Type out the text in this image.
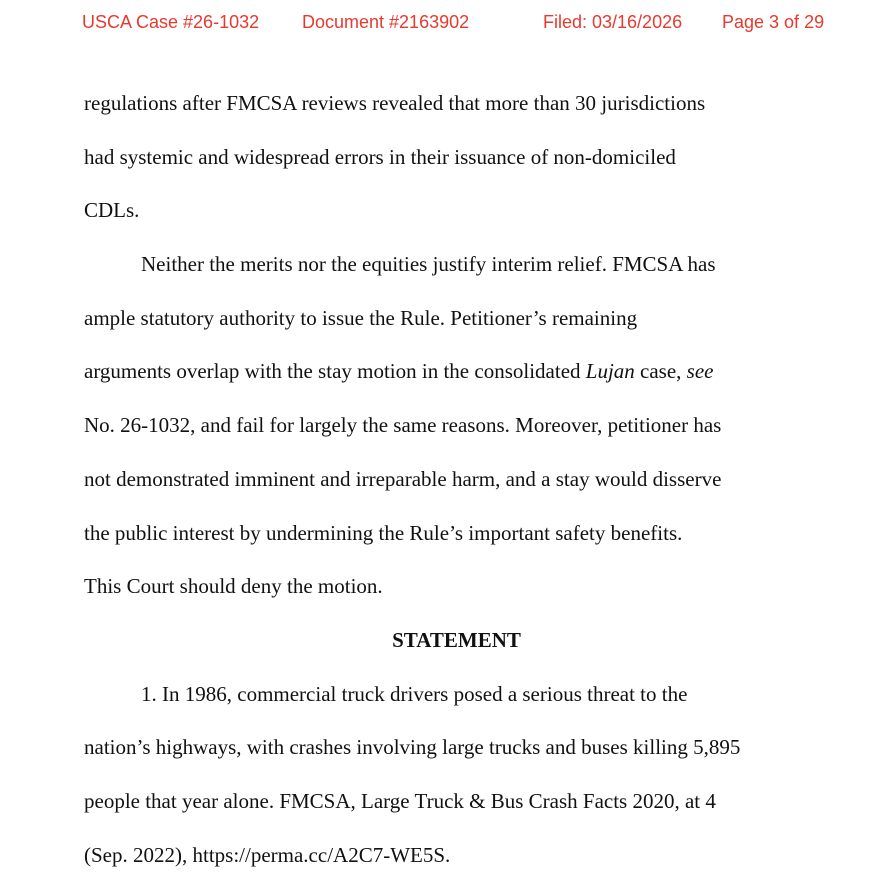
USCA Case #26-1032 Document #2163902	Filed: 03/16/2026 Page 3 of 29
regulations after FMCSA reviews revealed that more than 30 jurisdictions
had systemic and widespread errors in their issuance of non-domiciled
CDLs.
Neither the merits nor the equities justify interim relief. FMCSA has
ample statutory authority to issue the Rule. Petitioner’s remaining
arguments overlap with the stay motion in the consolidated Lujan case, see
No. 26-1032, and fail for largely the same reasons. Moreover, petitioner has
not demonstrated imminent and irreparable harm, and a stay would disserve
the public interest by undermining the Rule’s important safety benefits.
This Court should deny the motion.
STATEMENT
1. In 1986, commercial truck drivers posed a serious threat to the
nation’s highways, with crashes involving large trucks and buses killing 5,895
people that year alone. FMCSA, Large Truck & Bus Crash Facts 2020, at 4
(Sep. 2022), https://perma.cc/A2C7-WE5S.
